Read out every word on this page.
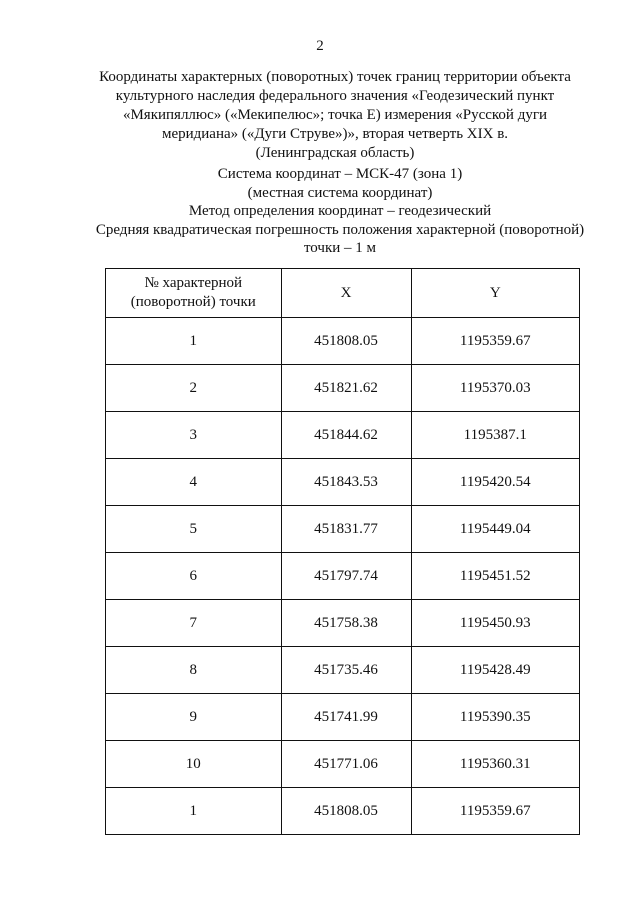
2
Координаты характерных (поворотных) точек границ территории объекта
культурного наследия федерального значения «Геодезический пункт
«Мякипяллюс» («Мекипелюс»; точка Е) измерения «Русской дуги
меридиана» («Дуги Струве»)», вторая четверть XIX в.
(Ленинградская область)
Система координат – МСК-47 (зона 1)
(местная система координат)
Метод определения координат – геодезический
Средняя квадратическая погрешность положения характерной (поворотной)
точки – 1 м
№ характерной
(поворотной) точки	X	Y
1	451808.05	1195359.67
2	451821.62	1195370.03
3	451844.62	1195387.1
4	451843.53	1195420.54
5	451831.77	1195449.04
6	451797.74	1195451.52
7	451758.38	1195450.93
8	451735.46	1195428.49
9	451741.99	1195390.35
10	451771.06	1195360.31
1	451808.05	1195359.67
